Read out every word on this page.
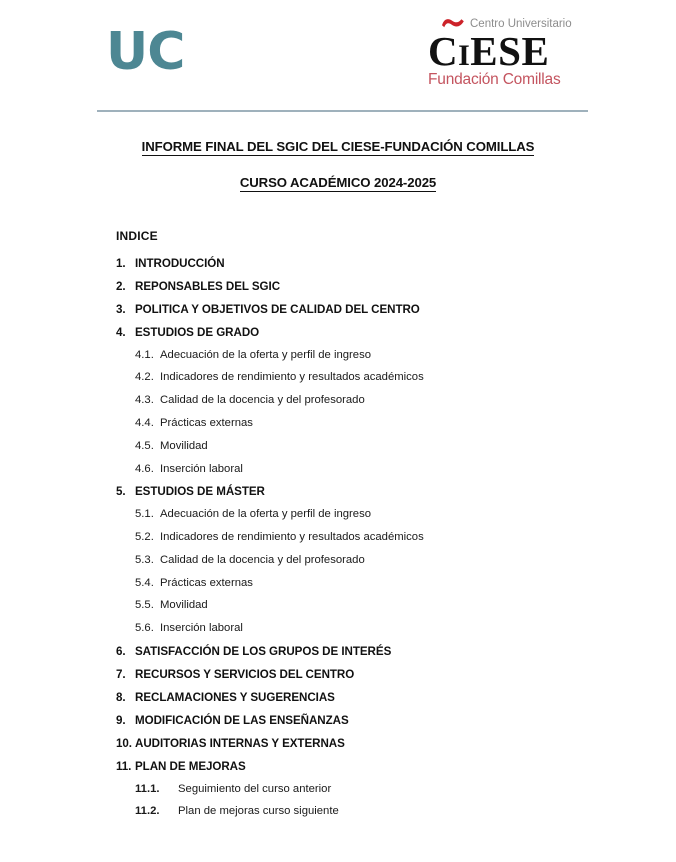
UC	Centro Universitario
CIESE
Fundación Comillas
INFORME FINAL DEL SGIC DEL CIESE-FUNDACIÓN COMILLAS
CURSO ACADÉMICO 2024-2025
INDICE
1. INTRODUCCIÓN
2. REPONSABLES DEL SGIC
3. POLITICA Y OBJETIVOS DE CALIDAD DEL CENTRO
4. ESTUDIOS DE GRADO
4.1. Adecuación de la oferta y perfil de ingreso
4.2. Indicadores de rendimiento y resultados académicos
4.3. Calidad de la docencia y del profesorado
4.4. Prácticas externas
4.5. Movilidad
4.6. Inserción laboral
5. ESTUDIOS DE MÁSTER
5.1. Adecuación de la oferta y perfil de ingreso
5.2. Indicadores de rendimiento y resultados académicos
5.3. Calidad de la docencia y del profesorado
5.4. Prácticas externas
5.5. Movilidad
5.6. Inserción laboral
6. SATISFACCIÓN DE LOS GRUPOS DE INTERÉS
7. RECURSOS Y SERVICIOS DEL CENTRO
8. RECLAMACIONES Y SUGERENCIAS
9. MODIFICACIÓN DE LAS ENSEÑANZAS
10. AUDITORIAS INTERNAS Y EXTERNAS
11. PLAN DE MEJORAS
11.1.	Seguimiento del curso anterior
11.2.	Plan de mejoras curso siguiente
